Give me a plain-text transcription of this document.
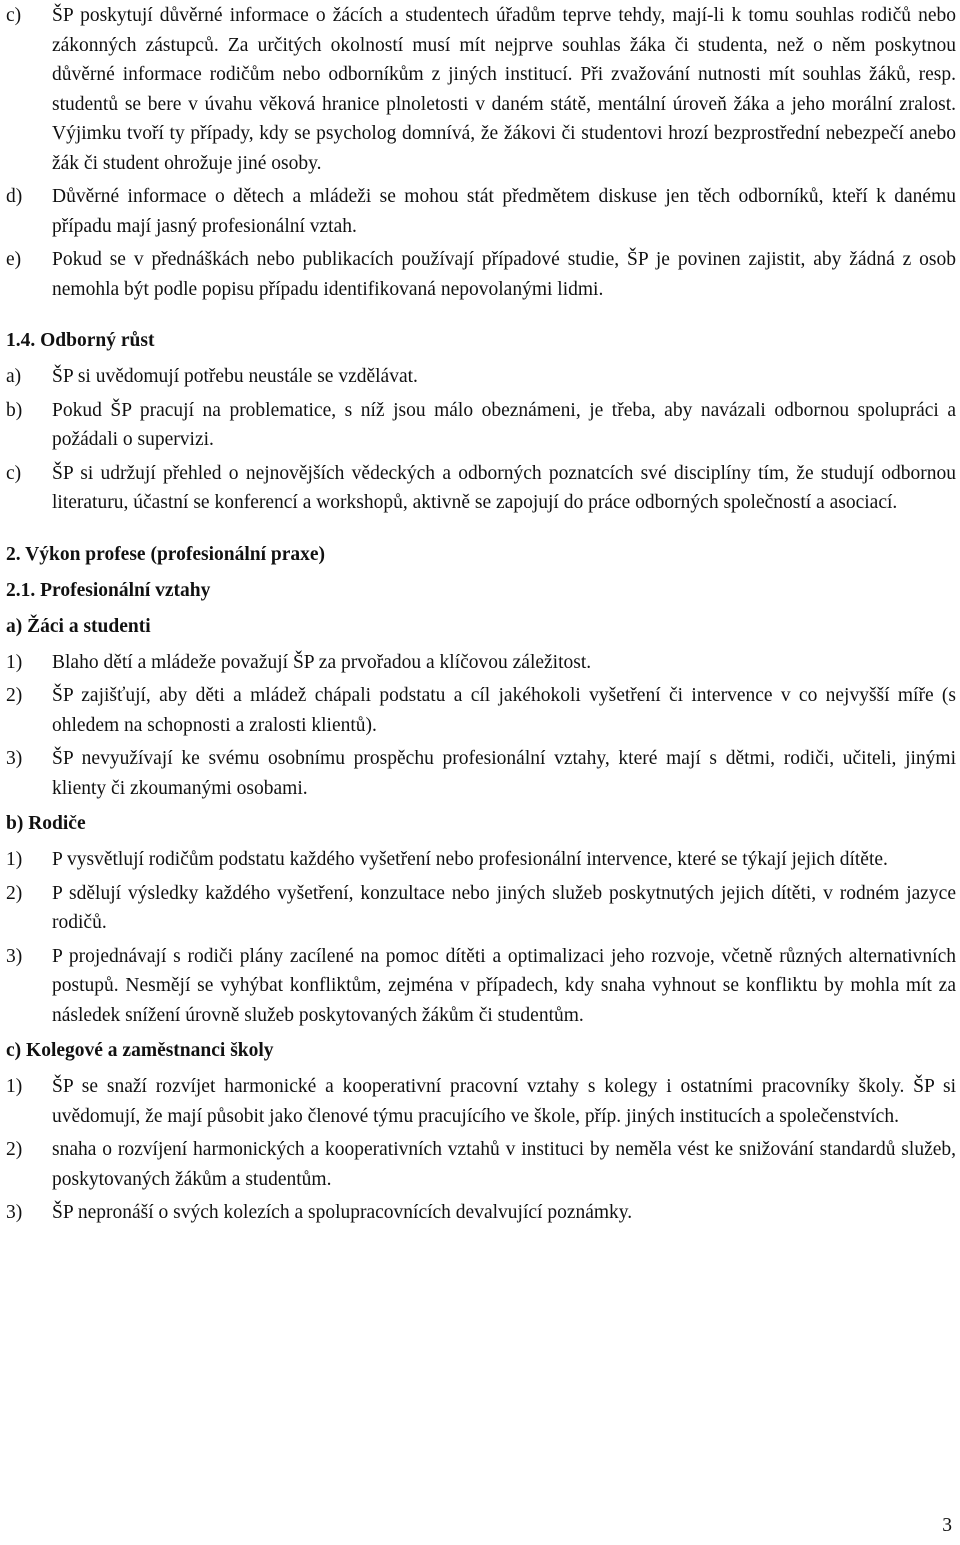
c)	ŠP poskytují důvěrné informace o žácích a studentech úřadům teprve tehdy, mají-li k tomu souhlas rodičů nebo zákonných zástupců. Za určitých okolností musí mít nejprve souhlas žáka či studenta, než o něm poskytnou důvěrné informace rodičům nebo odborníkům z jiných institucí. Při zvažování nutnosti mít souhlas žáků, resp. studentů se bere v úvahu věková hranice plnoletosti v daném státě, mentální úroveň žáka a jeho morální zralost. Výjimku tvoří ty případy, kdy se psycholog domnívá, že žákovi či studentovi hrozí bezprostřední nebezpečí anebo žák či student ohrožuje jiné osoby.
d)	Důvěrné informace o dětech a mládeži se mohou stát předmětem diskuse jen těch odborníků, kteří k danému případu mají jasný profesionální vztah.
e)	Pokud se v přednáškách nebo publikacích používají případové studie, ŠP je povinen zajistit, aby žádná z osob nemohla být podle popisu případu identifikovaná nepovolanými lidmi.
1.4. Odborný růst
a)	ŠP si uvědomují potřebu neustále se vzdělávat.
b)	Pokud ŠP pracují na problematice, s níž jsou málo obeznámeni, je třeba, aby navázali odbornou spolupráci a požádali o supervizi.
c)	ŠP si udržují přehled o nejnovějších vědeckých a odborných poznatcích své disciplíny tím, že studují odbornou literaturu, účastní se konferencí a workshopů, aktivně se zapojují do práce odborných společností a asociací.
2. Výkon profese (profesionální praxe)
2.1. Profesionální vztahy
a) Žáci a studenti
1)	Blaho dětí a mládeže považují ŠP za prvořadou a klíčovou záležitost.
2)	ŠP zajišťují, aby děti a mládež chápali podstatu a cíl jakéhokoli vyšetření či intervence v co nejvyšší míře (s ohledem na schopnosti a zralosti klientů).
3)	ŠP nevyužívají ke svému osobnímu prospěchu profesionální vztahy, které mají s dětmi, rodiči, učiteli, jinými klienty či zkoumanými osobami.
b) Rodiče
1)	P vysvětlují rodičům podstatu každého vyšetření nebo profesionální intervence, které se týkají jejich dítěte.
2)	P sdělují výsledky každého vyšetření, konzultace nebo jiných služeb poskytnutých jejich dítěti, v rodném jazyce rodičů.
3)	P projednávají s rodiči plány zacílené na pomoc dítěti a optimalizaci jeho rozvoje, včetně různých alternativních postupů. Nesmějí se vyhýbat konfliktům, zejména v případech, kdy snaha vyhnout se konfliktu by mohla mít za následek snížení úrovně služeb poskytovaných žákům či studentům.
c) Kolegové a zaměstnanci školy
1)	ŠP se snaží rozvíjet harmonické a kooperativní pracovní vztahy s kolegy i ostatními pracovníky školy. ŠP si uvědomují, že mají působit jako členové týmu pracujícího ve škole, příp. jiných institucích a společenstvích.
2)	snaha o rozvíjení harmonických a kooperativních vztahů v instituci by neměla vést ke snižování standardů služeb, poskytovaných žákům a studentům.
3)	ŠP nepronáší o svých kolezích a spolupracovnících devalvující poznámky.
3
